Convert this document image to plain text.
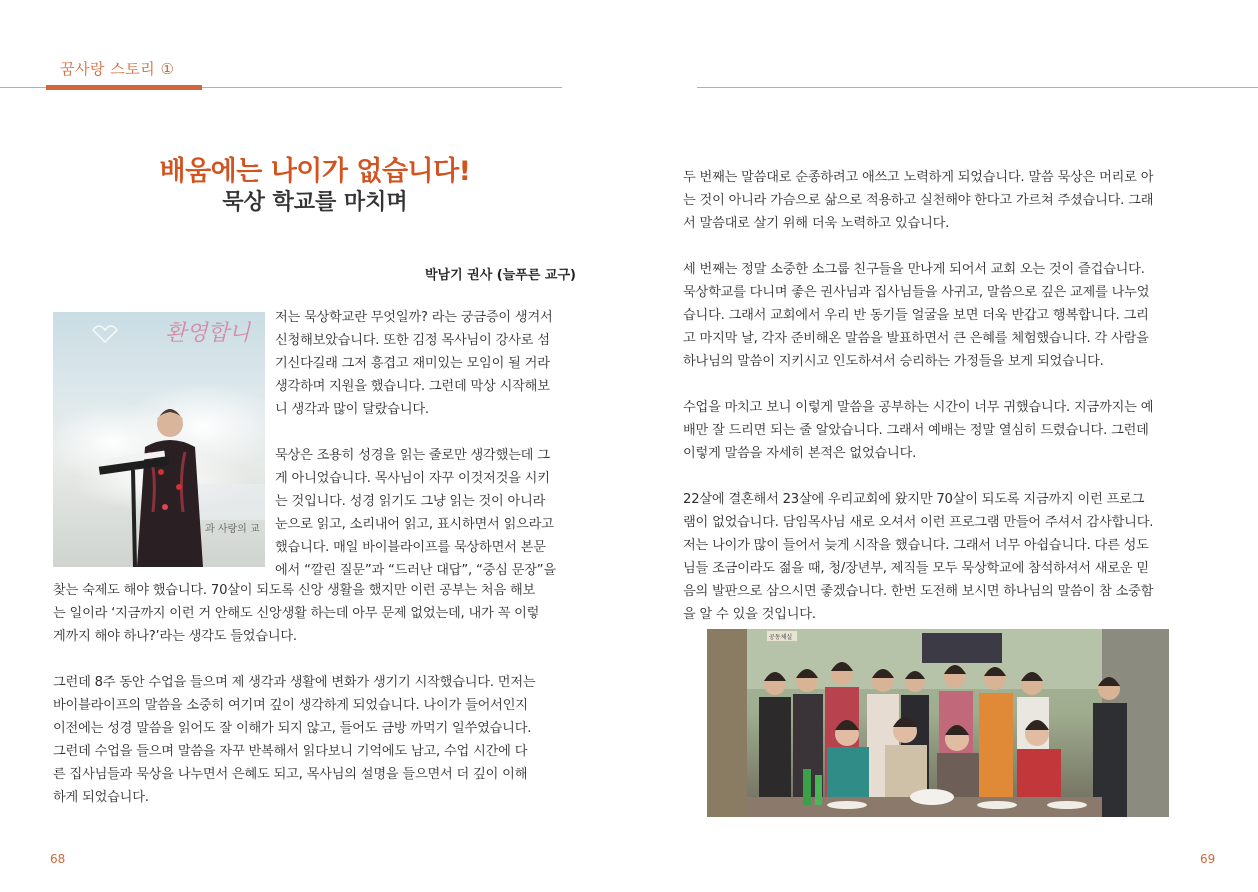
꿈사랑 스토리 ①
배움에는 나이가 없습니다!
묵상 학교를 마치며
박남기 권사 (늘푸른 교구)
환영합니
과 사랑의 교
저는 묵상학교란 무엇일까? 라는 궁금증이 생겨서
신청해보았습니다. 또한 김정 목사님이 강사로 섬
기신다길래 그저 흥겹고 재미있는 모임이 될 거라
생각하며 지원을 했습니다. 그런데 막상 시작해보
니 생각과 많이 달랐습니다.
묵상은 조용히 성경을 읽는 줄로만 생각했는데 그
게 아니었습니다. 목사님이 자꾸 이것저것을 시키
는 것입니다. 성경 읽기도 그냥 읽는 것이 아니라
눈으로 읽고, 소리내어 읽고, 표시하면서 읽으라고
했습니다. 매일 바이블라이프를 묵상하면서 본문
에서 “깔린 질문”과 “드러난 대답”, “중심 문장”을
찾는 숙제도 해야 했습니다. 70살이 되도록 신앙 생활을 했지만 이런 공부는 처음 해보
는 일이라 ‘지금까지 이런 거 안해도 신앙생활 하는데 아무 문제 없었는데, 내가 꼭 이렇
게까지 해야 하나?’라는 생각도 들었습니다.
그런데 8주 동안 수업을 들으며 제 생각과 생활에 변화가 생기기 시작했습니다. 먼저는
바이블라이프의 말씀을 소중히 여기며 깊이 생각하게 되었습니다. 나이가 들어서인지
이전에는 성경 말씀을 읽어도 잘 이해가 되지 않고, 들어도 금방 까먹기 일쑤였습니다.
그런데 수업을 들으며 말씀을 자꾸 반복해서 읽다보니 기억에도 남고, 수업 시간에 다
른 집사님들과 묵상을 나누면서 은혜도 되고, 목사님의 설명을 들으면서 더 깊이 이해
하게 되었습니다.
두 번째는 말씀대로 순종하려고 애쓰고 노력하게 되었습니다. 말씀 묵상은 머리로 아
는 것이 아니라 가슴으로 삶으로 적용하고 실천해야 한다고 가르쳐 주셨습니다. 그래
서 말씀대로 살기 위해 더욱 노력하고 있습니다.
세 번째는 정말 소중한 소그룹 친구들을 만나게 되어서 교회 오는 것이 즐겁습니다.
묵상학교를 다니며 좋은 권사님과 집사님들을 사귀고, 말씀으로 깊은 교제를 나누었
습니다. 그래서 교회에서 우리 반 동기들 얼굴을 보면 더욱 반갑고 행복합니다. 그리
고 마지막 날, 각자 준비해온 말씀을 발표하면서 큰 은혜를 체험했습니다. 각 사람을
하나님의 말씀이 지키시고 인도하셔서 승리하는 가정들을 보게 되었습니다.
수업을 마치고 보니 이렇게 말씀을 공부하는 시간이 너무 귀했습니다. 지금까지는 예
배만 잘 드리면 되는 줄 알았습니다. 그래서 예배는 정말 열심히 드렸습니다. 그런데
이렇게 말씀을 자세히 본적은 없었습니다.
22살에 결혼해서 23살에 우리교회에 왔지만 70살이 되도록 지금까지 이런 프로그
램이 없었습니다. 담임목사님 새로 오셔서 이런 프로그램 만들어 주셔서 감사합니다.
저는 나이가 많이 들어서 늦게 시작을 했습니다. 그래서 너무 아쉽습니다. 다른 성도
님들 조금이라도 젊을 때, 청/장년부, 제직들 모두 묵상학교에 참석하셔서 새로운 믿
음의 발판으로 삼으시면 좋겠습니다. 한번 도전해 보시면 하나님의 말씀이 참 소중함
을 알 수 있을 것입니다.
공동체실
68	69
